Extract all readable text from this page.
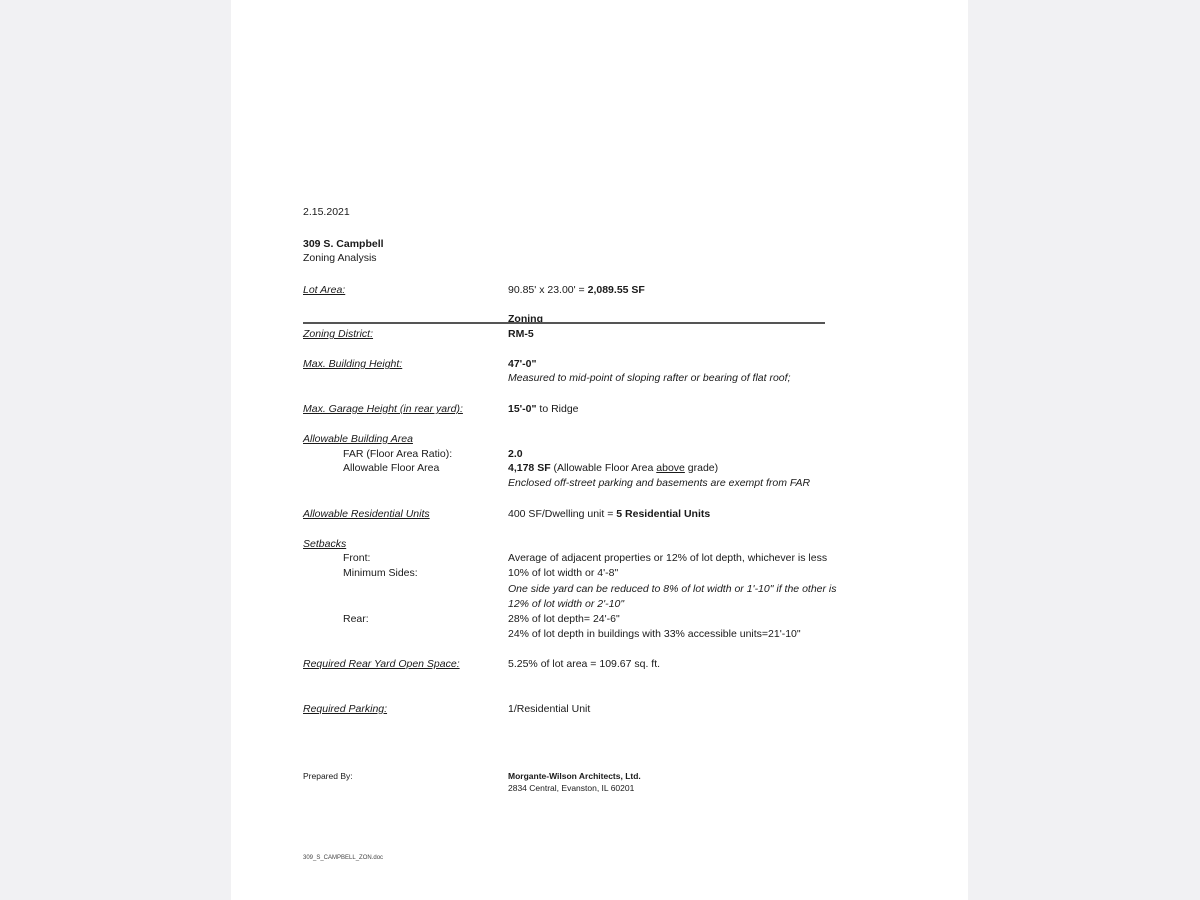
2.15.2021
309 S. Campbell
Zoning Analysis
Lot Area:	90.85' x 23.00' = 2,089.55 SF
Zoning
Zoning District:	RM-5
Max. Building Height:	47'-0"
Measured to mid-point of sloping rafter or bearing of flat roof;
Max. Garage Height (in rear yard):	15'-0" to Ridge
Allowable Building Area
FAR (Floor Area Ratio):	2.0
Allowable Floor Area	4,178 SF (Allowable Floor Area above grade)
Enclosed off-street parking and basements are exempt from FAR
Allowable Residential Units	400 SF/Dwelling unit = 5 Residential Units
Setbacks
Front:	Average of adjacent properties or 12% of lot depth, whichever is less
Minimum Sides:	10% of lot width or 4'-8"
One side yard can be reduced to 8% of lot width or 1'-10" if the other is
12% of lot width or 2'-10"
Rear:	28% of lot depth= 24'-6"
24% of lot depth in buildings with 33% accessible units=21'-10"
Required Rear Yard Open Space:	5.25% of lot area = 109.67 sq. ft.
Required Parking:	1/Residential Unit
Prepared By:	Morgante-Wilson Architects, Ltd.
2834 Central, Evanston, IL 60201
309_S_CAMPBELL_ZON.doc
